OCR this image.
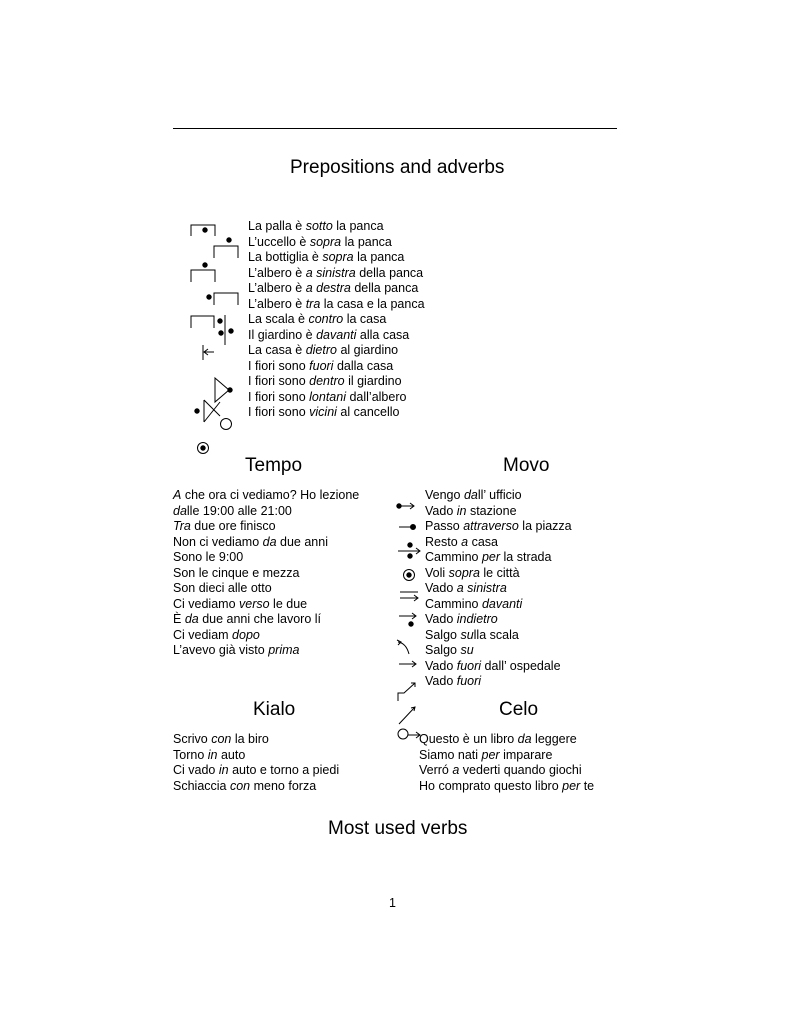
Prepositions and adverbs
La palla è sotto la panca
L’uccello è sopra la panca
La bottiglia è sopra la panca
L’albero è a sinistra della panca
L’albero è a destra della panca
L’albero è tra la casa e la panca
La scala è contro la casa
Il giardino è davanti alla casa
La casa è dietro al giardino
I fiori sono fuori dalla casa
I fiori sono dentro il giardino
I fiori sono lontani dall’albero
I fiori sono vicini al cancello
Tempo	Movo
A che ora ci vediamo? Ho lezione
dalle 19:00 alle 21:00
Tra due ore finisco
Non ci vediamo da due anni
Sono le 9:00
Son le cinque e mezza
Son dieci alle otto
Ci vediamo verso le due
È da due anni che lavoro lí
Ci vediam dopo
L’avevo già visto prima
Vengo dall’ ufficio
Vado in stazione
Passo attraverso la piazza
Resto a casa
Cammino per la strada
Voli sopra le città
Vado a sinistra
Cammino davanti
Vado indietro
Salgo sulla scala
Salgo su
Vado fuori dall’ ospedale
Vado fuori
Kialo	Celo
Scrivo con la biro
Torno in auto
Ci vado in auto e torno a piedi
Schiaccia con meno forza
Questo è un libro da leggere
Siamo nati per imparare
Verró a vederti quando giochi
Ho comprato questo libro per te
Most used verbs
1
